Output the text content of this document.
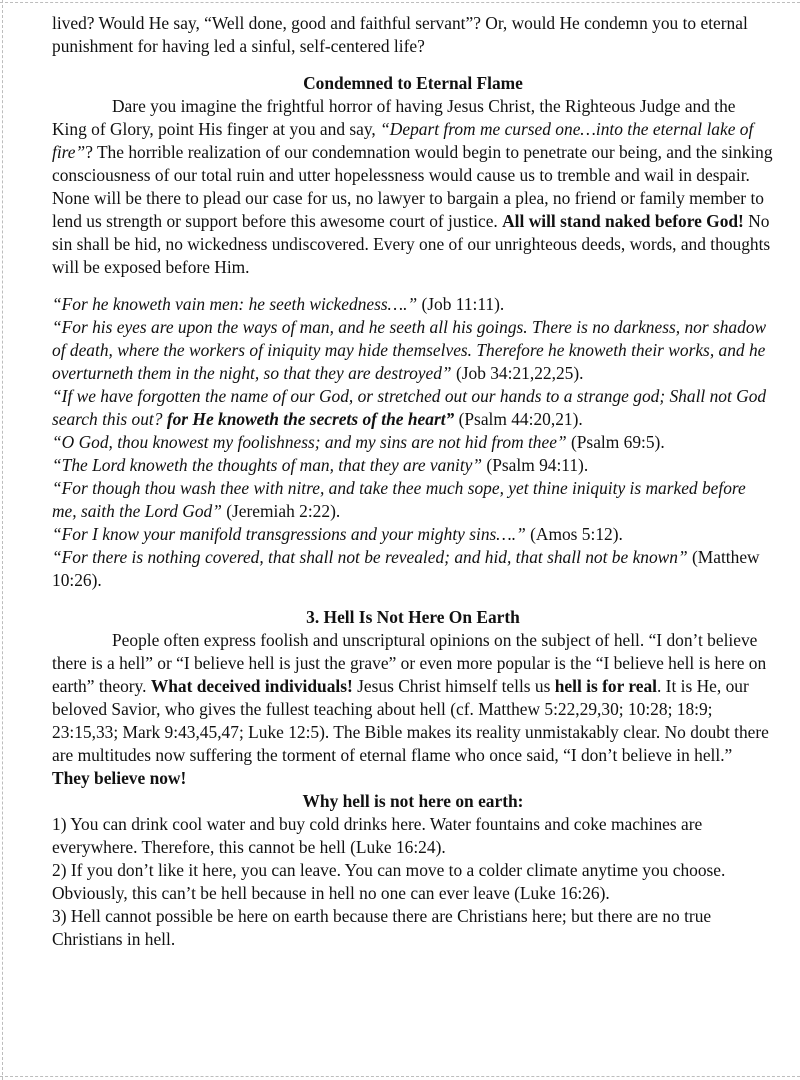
lived? Would He say, “Well done, good and faithful servant”? Or, would He condemn you to eternal punishment for having led a sinful, self-centered life?

Condemned to Eternal Flame

Dare you imagine the frightful horror of having Jesus Christ, the Righteous Judge and the King of Glory, point His finger at you and say, “Depart from me cursed one…into the eternal lake of fire”? The horrible realization of our condemnation would begin to penetrate our being, and the sinking consciousness of our total ruin and utter hopelessness would cause us to tremble and wail in despair. None will be there to plead our case for us, no lawyer to bargain a plea, no friend or family member to lend us strength or support before this awesome court of justice. All will stand naked before God! No sin shall be hid, no wickedness undiscovered. Every one of our unrighteous deeds, words, and thoughts will be exposed before Him.

“For he knoweth vain men: he seeth wickedness….” (Job 11:11).

“For his eyes are upon the ways of man, and he seeth all his goings. There is no darkness, nor shadow of death, where the workers of iniquity may hide themselves. Therefore he knoweth their works, and he overturneth them in the night, so that they are destroyed” (Job 34:21,22,25).

“If we have forgotten the name of our God, or stretched out our hands to a strange god; Shall not God search this out? for He knoweth the secrets of the heart” (Psalm 44:20,21).

“O God, thou knowest my foolishness; and my sins are not hid from thee” (Psalm 69:5).

“The Lord knoweth the thoughts of man, that they are vanity” (Psalm 94:11).

“For though thou wash thee with nitre, and take thee much sope, yet thine iniquity is marked before me, saith the Lord God” (Jeremiah 2:22).

“For I know your manifold transgressions and your mighty sins….” (Amos 5:12).

“For there is nothing covered, that shall not be revealed; and hid, that shall not be known” (Matthew 10:26).

3. Hell Is Not Here On Earth

People often express foolish and unscriptural opinions on the subject of hell. “I don’t believe there is a hell” or “I believe hell is just the grave” or even more popular is the “I believe hell is here on earth” theory. What deceived individuals! Jesus Christ himself tells us hell is for real. It is He, our beloved Savior, who gives the fullest teaching about hell (cf. Matthew 5:22,29,30; 10:28; 18:9; 23:15,33; Mark 9:43,45,47; Luke 12:5). The Bible makes its reality unmistakably clear. No doubt there are multitudes now suffering the torment of eternal flame who once said, “I don’t believe in hell.” They believe now!

Why hell is not here on earth:

1) You can drink cool water and buy cold drinks here. Water fountains and coke machines are everywhere. Therefore, this cannot be hell (Luke 16:24).

2) If you don’t like it here, you can leave. You can move to a colder climate anytime you choose. Obviously, this can’t be hell because in hell no one can ever leave (Luke 16:26).

3) Hell cannot possible be here on earth because there are Christians here; but there are no true Christians in hell.
